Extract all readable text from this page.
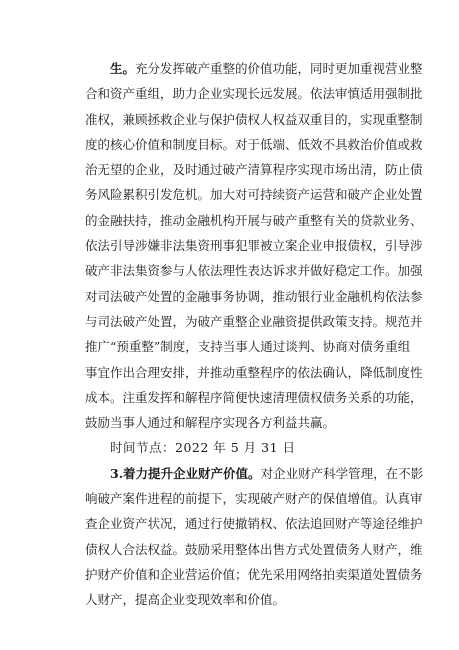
生。充分发挥破产重整的价值功能，同时更加重视营业整
合和资产重组，助力企业实现长远发展。依法审慎适用强制批
准权，兼顾拯救企业与保护债权人权益双重目的，实现重整制
度的核心价值和制度目标。对于低端、低效不具救治价值或救
治无望的企业，及时通过破产清算程序实现市场出清，防止债
务风险累积引发危机。加大对可持续资产运营和破产企业处置
的金融扶持，推动金融机构开展与破产重整有关的贷款业务、
依法引导涉嫌非法集资刑事犯罪被立案企业申报债权，引导涉
破产非法集资参与人依法理性表达诉求并做好稳定工作。加强
对司法破产处置的金融事务协调，推动银行业金融机构依法参
与司法破产处置，为破产重整企业融资提供政策支持。规范并
推广“预重整”制度，支持当事人通过谈判、协商对债务重组
事宜作出合理安排，并推动重整程序的依法确认，降低制度性
成本。注重发挥和解程序简便快速清理债权债务关系的功能，
鼓励当事人通过和解程序实现各方利益共赢。
时间节点：2022 年 5 月 31 日
3.着力提升企业财产价值。对企业财产科学管理，在不影
响破产案件进程的前提下，实现破产财产的保值增值。认真审
查企业资产状况，通过行使撤销权、依法追回财产等途径维护
债权人合法权益。鼓励采用整体出售方式处置债务人财产，维
护财产价值和企业营运价值；优先采用网络拍卖渠道处置债务
人财产，提高企业变现效率和价值。
